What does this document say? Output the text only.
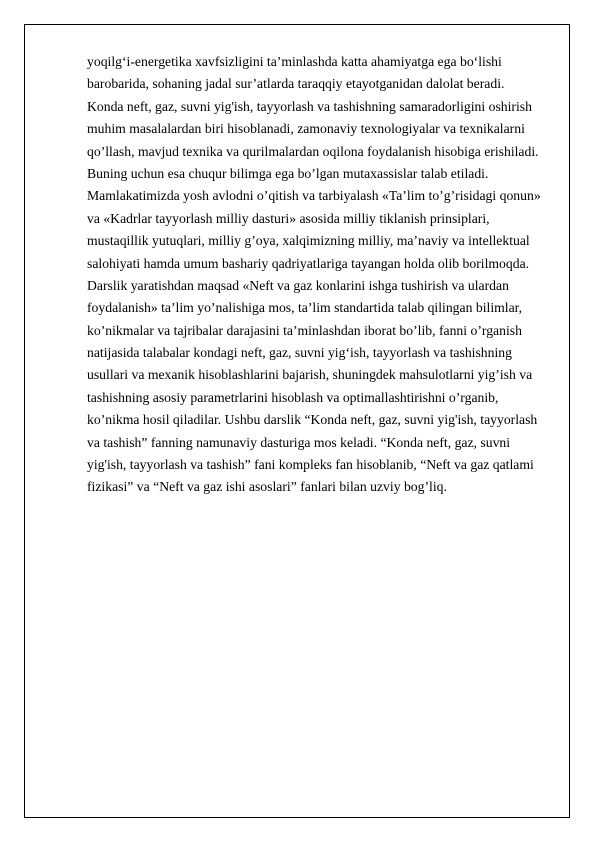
yoqilg‘i-energetika xavfsizligini ta’minlashda katta ahamiyatga ega bo‘lishi
barobarida, sohaning jadal sur’atlarda taraqqiy etayotganidan dalolat beradi.
Konda neft, gaz, suvni yig'ish, tayyorlash va tashishning samaradorligini oshirish
muhim masalalardan biri hisoblanadi, zamonaviy texnologiyalar va texnikalarni
qo’llash, mavjud texnika va qurilmalardan oqilona foydalanish hisobiga erishiladi.
Buning uchun esa chuqur bilimga ega bo’lgan mutaxassislar talab etiladi.
Mamlakatimizda yosh avlodni o’qitish va tarbiyalash «Ta’lim to’g’risidagi qonun»
va «Kadrlar tayyorlash milliy dasturi» asosida milliy tiklanish prinsiplari,
mustaqillik yutuqlari, milliy g’oya, xalqimizning milliy, ma’naviy va intellektual
salohiyati hamda umum bashariy qadriyatlariga tayangan holda olib borilmoqda.
Darslik yaratishdan maqsad «Neft va gaz konlarini ishga tushirish va ulardan
foydalanish» ta’lim yo’nalishiga mos, ta’lim standartida talab qilingan bilimlar,
ko’nikmalar va tajribalar darajasini ta’minlashdan iborat bo’lib, fanni o’rganish
natijasida talabalar kondagi neft, gaz, suvni yig‘ish, tayyorlash va tashishning
usullari va mexanik hisoblashlarini bajarish, shuningdek mahsulotlarni yig’ish va
tashishning asosiy parametrlarini hisoblash va optimallashtirishni o’rganib,
ko’nikma hosil qiladilar. Ushbu darslik “Konda neft, gaz, suvni yig'ish, tayyorlash
va tashish” fanning namunaviy dasturiga mos keladi. “Konda neft, gaz, suvni
yig'ish, tayyorlash va tashish” fani kompleks fan hisoblanib, “Neft va gaz qatlami
fizikasi” va “Neft va gaz ishi asoslari” fanlari bilan uzviy bog’liq.
